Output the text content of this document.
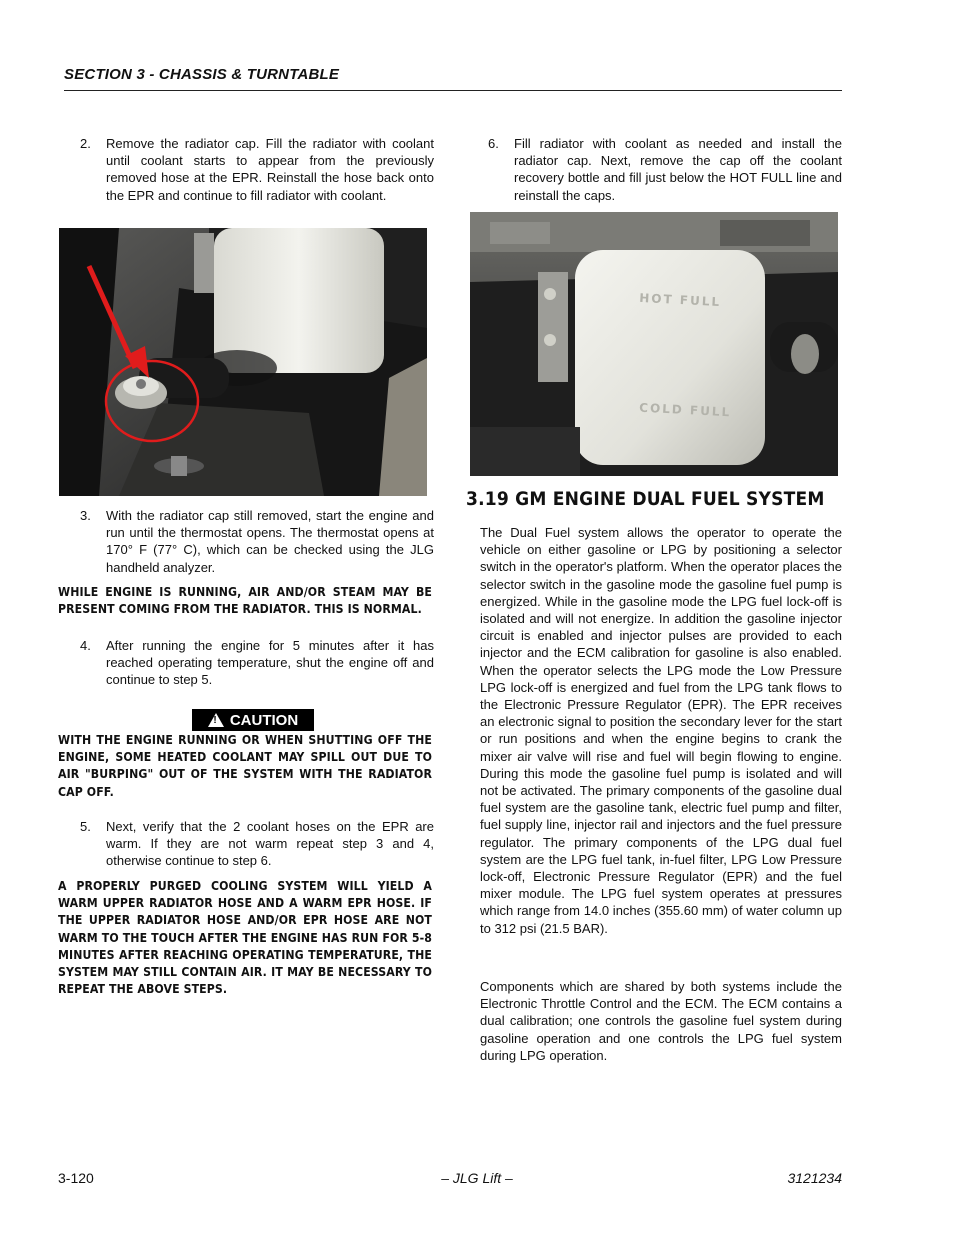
SECTION 3 - CHASSIS & TURNTABLE
2. Remove the radiator cap. Fill the radiator with coolant until coolant starts to appear from the previously removed hose at the EPR. Reinstall the hose back onto the EPR and continue to fill radiator with coolant.
3. With the radiator cap still removed, start the engine and run until the thermostat opens. The thermostat opens at 170° F (77° C), which can be checked using the JLG handheld analyzer.
WHILE ENGINE IS RUNNING, AIR AND/OR STEAM MAY BE PRESENT COMING FROM THE RADIATOR. THIS IS NORMAL.
4. After running the engine for 5 minutes after it has reached operating temperature, shut the engine off and continue to step 5.
!
CAUTION
WITH THE ENGINE RUNNING OR WHEN SHUTTING OFF THE ENGINE, SOME HEATED COOLANT MAY SPILL OUT DUE TO AIR "BURPING" OUT OF THE SYSTEM WITH THE RADIATOR CAP OFF.
5. Next, verify that the 2 coolant hoses on the EPR are warm. If they are not warm repeat step 3 and 4, otherwise continue to step 6.
A PROPERLY PURGED COOLING SYSTEM WILL YIELD A WARM UPPER RADIATOR HOSE AND A WARM EPR HOSE. IF THE UPPER RADIATOR HOSE AND/OR EPR HOSE ARE NOT WARM TO THE TOUCH AFTER THE ENGINE HAS RUN FOR 5-8 MINUTES AFTER REACHING OPERATING TEMPERATURE, THE SYSTEM MAY STILL CONTAIN AIR. IT MAY BE NECESSARY TO REPEAT THE ABOVE STEPS.
6. Fill radiator with coolant as needed and install the radiator cap. Next, remove the cap off the coolant recovery bottle and fill just below the HOT FULL line and reinstall the caps.
HOT FULL
COLD FULL
3.19 GM ENGINE DUAL FUEL SYSTEM
The Dual Fuel system allows the operator to operate the vehicle on either gasoline or LPG by positioning a selector switch in the operator's platform. When the operator places the selector switch in the gasoline mode the gasoline fuel pump is energized. While in the gasoline mode the LPG fuel lock-off is isolated and will not energize. In addition the gasoline injector circuit is enabled and injector pulses are provided to each injector and the ECM calibration for gasoline is also enabled. When the operator selects the LPG mode the Low Pressure LPG lock-off is energized and fuel from the LPG tank flows to the Electronic Pressure Regulator (EPR). The EPR receives an electronic signal to position the secondary lever for the start or run positions and when the engine begins to crank the mixer air valve will rise and fuel will begin flowing to engine. During this mode the gasoline fuel pump is isolated and will not be activated. The primary components of the gasoline dual fuel system are the gasoline tank, electric fuel pump and filter, fuel supply line, injector rail and injectors and the fuel pressure regulator. The primary components of the LPG dual fuel system are the LPG fuel tank, in-fuel filter, LPG Low Pressure lock-off, Electronic Pressure Regulator (EPR) and the fuel mixer module. The LPG fuel system operates at pressures which range from 14.0 inches (355.60 mm) of water column up to 312 psi (21.5 BAR).
Components which are shared by both systems include the Electronic Throttle Control and the ECM. The ECM contains a dual calibration; one controls the gasoline fuel system during gasoline operation and one controls the LPG fuel system during LPG operation.
3-120	– JLG Lift –	3121234
